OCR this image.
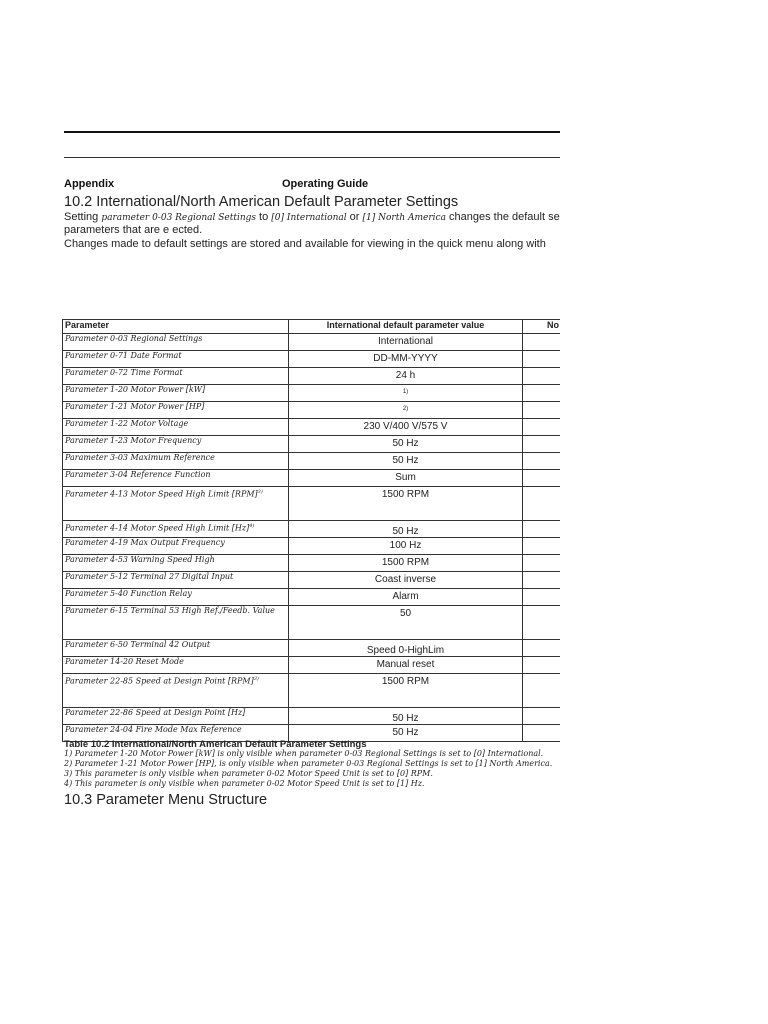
Appendix	Operating Guide
10.2 International/North American Default Parameter Settings
Setting parameter 0-03 Regional Settings to [0] International or [1] North America changes the default se
parameters that are e ected.
Changes made to default settings are stored and available for viewing in the quick menu along with
Parameter	International default parameter value	No
Parameter 0-03 Regional Settings	International	
Parameter 0-71 Date Format	DD-MM-YYYY	
Parameter 0-72 Time Format	24 h	
Parameter 1-20 Motor Power [kW]	$^{1)}$	
Parameter 1-21 Motor Power [HP]	$^{2)}$	
Parameter 1-22 Motor Voltage	230 V/400 V/575 V	
Parameter 1-23 Motor Frequency	50 Hz	
Parameter 3-03 Maximum Reference	50 Hz	
Parameter 3-04 Reference Function	Sum	
Parameter 4-13 Motor Speed High Limit [RPM]$^{3)}$	1500 RPM	
Parameter 4-14 Motor Speed High Limit $[Hz]^{4)}$	50 Hz	
Parameter 4-19 Max Output Frequency	100 Hz	
Parameter 4-53 Warning Speed High	1500 RPM	
Parameter 5-12 Terminal 27 Digital Input	Coast inverse	
Parameter 5-40 Function Relay	Alarm	
Parameter 6-15 Terminal 53 High Ref./Feedb. Value	50	
Parameter 6-50 Terminal 42 Output	Speed 0-HighLim	
Parameter 14-20 Reset Mode	Manual reset	
Parameter 22-85 Speed at Design Point [RPM]$^{3)}$	1500 RPM	
Parameter 22-86 Speed at Design Point [Hz]	50 Hz	
Parameter 24-04 Fire Mode Max Reference	50 Hz	
Table 10.2 International/North American Default Parameter Settings
1) Parameter 1-20 Motor Power [kW] is only visible when parameter 0-03 Regional Settings is set to [0] International.
2) Parameter 1-21 Motor Power [HP], is only visible when parameter 0-03 Regional Settings is set to [1] North America.
3) This parameter is only visible when parameter 0-02 Motor Speed Unit is set to [0] RPM.
4) This parameter is only visible when parameter 0-02 Motor Speed Unit is set to [1] Hz.
10.3 Parameter Menu Structure
